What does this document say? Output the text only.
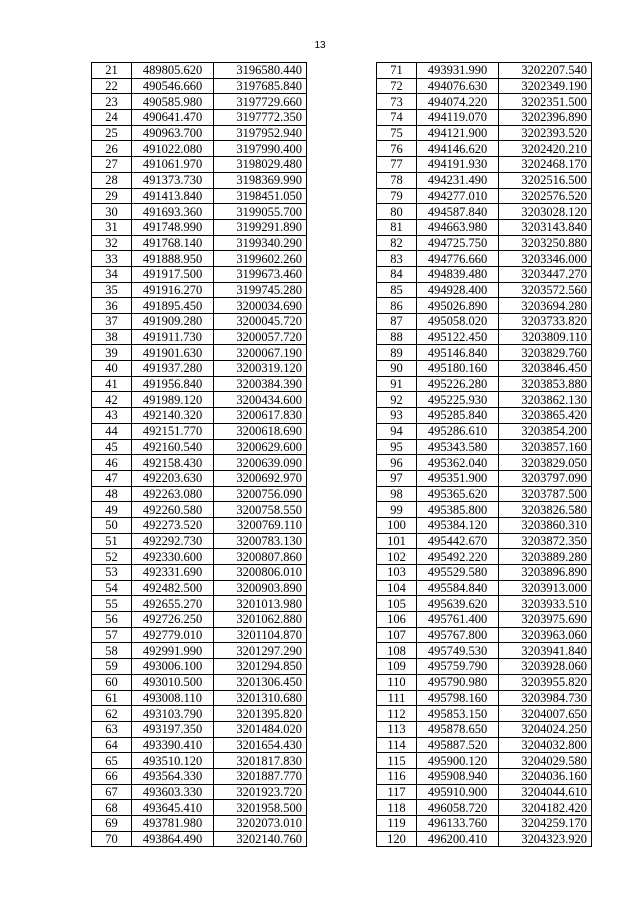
13
21	489805.620	3196580.440
22	490546.660	3197685.840
23	490585.980	3197729.660
24	490641.470	3197772.350
25	490963.700	3197952.940
26	491022.080	3197990.400
27	491061.970	3198029.480
28	491373.730	3198369.990
29	491413.840	3198451.050
30	491693.360	3199055.700
31	491748.990	3199291.890
32	491768.140	3199340.290
33	491888.950	3199602.260
34	491917.500	3199673.460
35	491916.270	3199745.280
36	491895.450	3200034.690
37	491909.280	3200045.720
38	491911.730	3200057.720
39	491901.630	3200067.190
40	491937.280	3200319.120
41	491956.840	3200384.390
42	491989.120	3200434.600
43	492140.320	3200617.830
44	492151.770	3200618.690
45	492160.540	3200629.600
46	492158.430	3200639.090
47	492203.630	3200692.970
48	492263.080	3200756.090
49	492260.580	3200758.550
50	492273.520	3200769.110
51	492292.730	3200783.130
52	492330.600	3200807.860
53	492331.690	3200806.010
54	492482.500	3200903.890
55	492655.270	3201013.980
56	492726.250	3201062.880
57	492779.010	3201104.870
58	492991.990	3201297.290
59	493006.100	3201294.850
60	493010.500	3201306.450
61	493008.110	3201310.680
62	493103.790	3201395.820
63	493197.350	3201484.020
64	493390.410	3201654.430
65	493510.120	3201817.830
66	493564.330	3201887.770
67	493603.330	3201923.720
68	493645.410	3201958.500
69	493781.980	3202073.010
70	493864.490	3202140.760
71	493931.990	3202207.540
72	494076.630	3202349.190
73	494074.220	3202351.500
74	494119.070	3202396.890
75	494121.900	3202393.520
76	494146.620	3202420.210
77	494191.930	3202468.170
78	494231.490	3202516.500
79	494277.010	3202576.520
80	494587.840	3203028.120
81	494663.980	3203143.840
82	494725.750	3203250.880
83	494776.660	3203346.000
84	494839.480	3203447.270
85	494928.400	3203572.560
86	495026.890	3203694.280
87	495058.020	3203733.820
88	495122.450	3203809.110
89	495146.840	3203829.760
90	495180.160	3203846.450
91	495226.280	3203853.880
92	495225.930	3203862.130
93	495285.840	3203865.420
94	495286.610	3203854.200
95	495343.580	3203857.160
96	495362.040	3203829.050
97	495351.900	3203797.090
98	495365.620	3203787.500
99	495385.800	3203826.580
100	495384.120	3203860.310
101	495442.670	3203872.350
102	495492.220	3203889.280
103	495529.580	3203896.890
104	495584.840	3203913.000
105	495639.620	3203933.510
106	495761.400	3203975.690
107	495767.800	3203963.060
108	495749.530	3203941.840
109	495759.790	3203928.060
110	495790.980	3203955.820
111	495798.160	3203984.730
112	495853.150	3204007.650
113	495878.650	3204024.250
114	495887.520	3204032.800
115	495900.120	3204029.580
116	495908.940	3204036.160
117	495910.900	3204044.610
118	496058.720	3204182.420
119	496133.760	3204259.170
120	496200.410	3204323.920
